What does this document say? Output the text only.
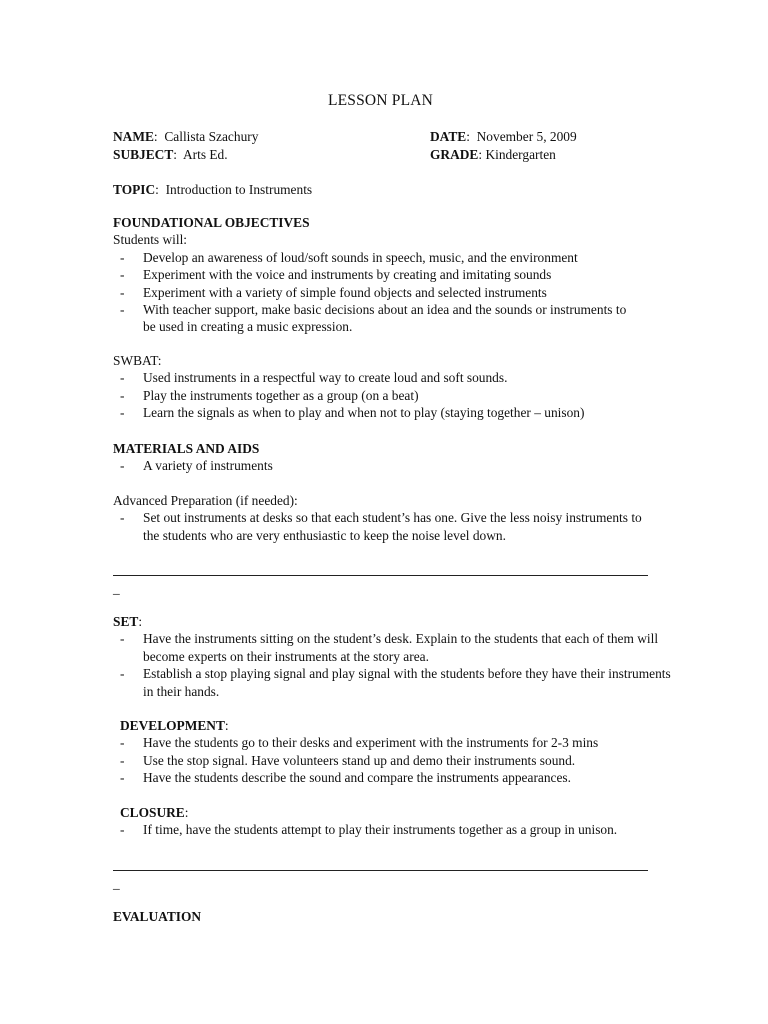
LESSON PLAN
NAME:  Callista Szachury	DATE:  November 5, 2009
SUBJECT:  Arts Ed.	GRADE: Kindergarten
TOPIC:  Introduction to Instruments
FOUNDATIONAL OBJECTIVES
Students will:
- Develop an awareness of loud/soft sounds in speech, music, and the environment
- Experiment with the voice and instruments by creating and imitating sounds
- Experiment with a variety of simple found objects and selected instruments
- With teacher support, make basic decisions about an idea and the sounds or instruments to be used in creating a music expression.
SWBAT:
- Used instruments in a respectful way to create loud and soft sounds.
- Play the instruments together as a group (on a beat)
- Learn the signals as when to play and when not to play (staying together – unison)
MATERIALS AND AIDS
- A variety of instruments
Advanced Preparation (if needed):
- Set out instruments at desks so that each student’s has one. Give the less noisy instruments to the students who are very enthusiastic to keep the noise level down.
_
SET:
- Have the instruments sitting on the student’s desk. Explain to the students that each of them will become experts on their instruments at the story area.
- Establish a stop playing signal and play signal with the students before they have their instruments in their hands.
DEVELOPMENT:
- Have the students go to their desks and experiment with the instruments for 2-3 mins
- Use the stop signal. Have volunteers stand up and demo their instruments sound.
- Have the students describe the sound and compare the instruments appearances.
CLOSURE:
- If time, have the students attempt to play their instruments together as a group in unison.
_
EVALUATION
